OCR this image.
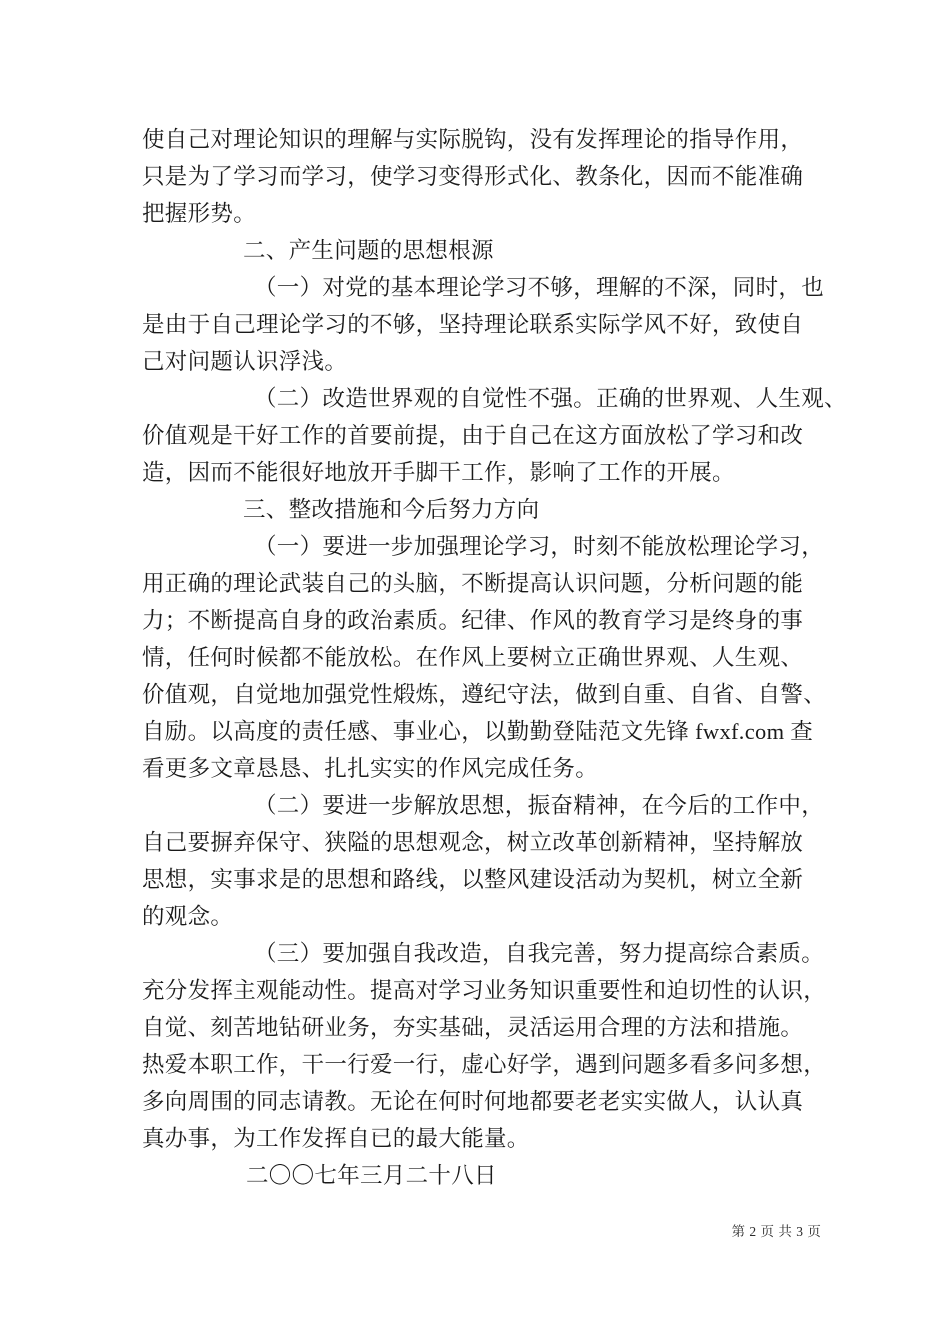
使自己对理论知识的理解与实际脱钩，没有发挥理论的指导作用，
只是为了学习而学习，使学习变得形式化、教条化，因而不能准确
把握形势。
二、产生问题的思想根源
（一）对党的基本理论学习不够，理解的不深，同时，也
是由于自己理论学习的不够，坚持理论联系实际学风不好，致使自
己对问题认识浮浅。
（二）改造世界观的自觉性不强。正确的世界观、人生观、
价值观是干好工作的首要前提，由于自己在这方面放松了学习和改
造，因而不能很好地放开手脚干工作，影响了工作的开展。
三、整改措施和今后努力方向
（一）要进一步加强理论学习，时刻不能放松理论学习，
用正确的理论武装自己的头脑，不断提高认识问题，分析问题的能
力；不断提高自身的政治素质。纪律、作风的教育学习是终身的事
情，任何时候都不能放松。在作风上要树立正确世界观、人生观、
价值观，自觉地加强党性煅炼，遵纪守法，做到自重、自省、自警、
自励。以高度的责任感、事业心，以勤勤登陆范文先锋 fwxf.com 查
看更多文章恳恳、扎扎实实的作风完成任务。
（二）要进一步解放思想，振奋精神，在今后的工作中，
自己要摒弃保守、狭隘的思想观念，树立改革创新精神，坚持解放
思想，实事求是的思想和路线，以整风建设活动为契机，树立全新
的观念。
（三）要加强自我改造，自我完善，努力提高综合素质。
充分发挥主观能动性。提高对学习业务知识重要性和迫切性的认识，
自觉、刻苦地钻研业务，夯实基础，灵活运用合理的方法和措施。
热爱本职工作，干一行爱一行，虚心好学，遇到问题多看多问多想，
多向周围的同志请教。无论在何时何地都要老老实实做人，认认真
真办事，为工作发挥自已的最大能量。
二〇〇七年三月二十八日

第 2 页 共 3 页
